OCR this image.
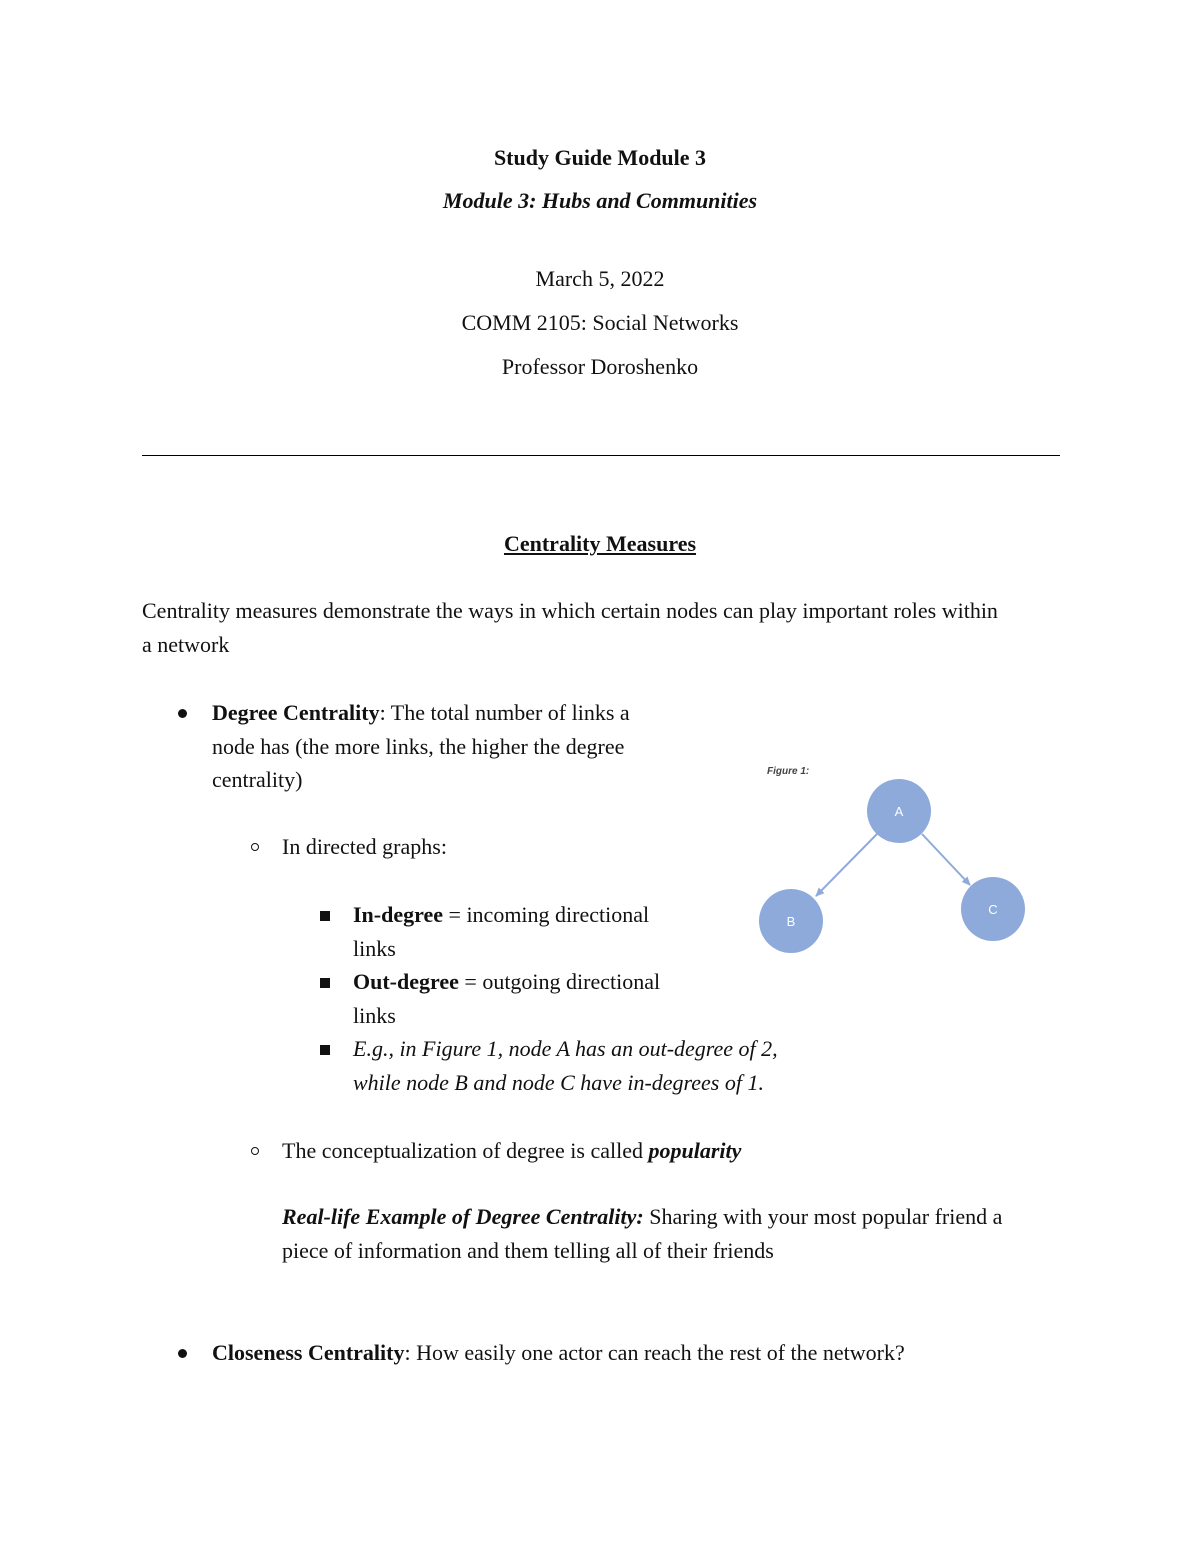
Study Guide Module 3
Module 3: Hubs and Communities
March 5, 2022
COMM 2105: Social Networks
Professor Doroshenko
Centrality Measures
Centrality measures demonstrate the ways in which certain nodes can play important roles within
a network
Degree Centrality: The total number of links a
node has (the more links, the higher the degree
centrality)
In directed graphs:
In-degree = incoming directional
links
Out-degree = outgoing directional
links
E.g., in Figure 1, node A has an out-degree of 2,
while node B and node C have in-degrees of 1.
The conceptualization of degree is called popularity
Real-life Example of Degree Centrality: Sharing with your most popular friend a
piece of information and them telling all of their friends
Closeness Centrality: How easily one actor can reach the rest of the network?
Figure 1:
A
B
C
